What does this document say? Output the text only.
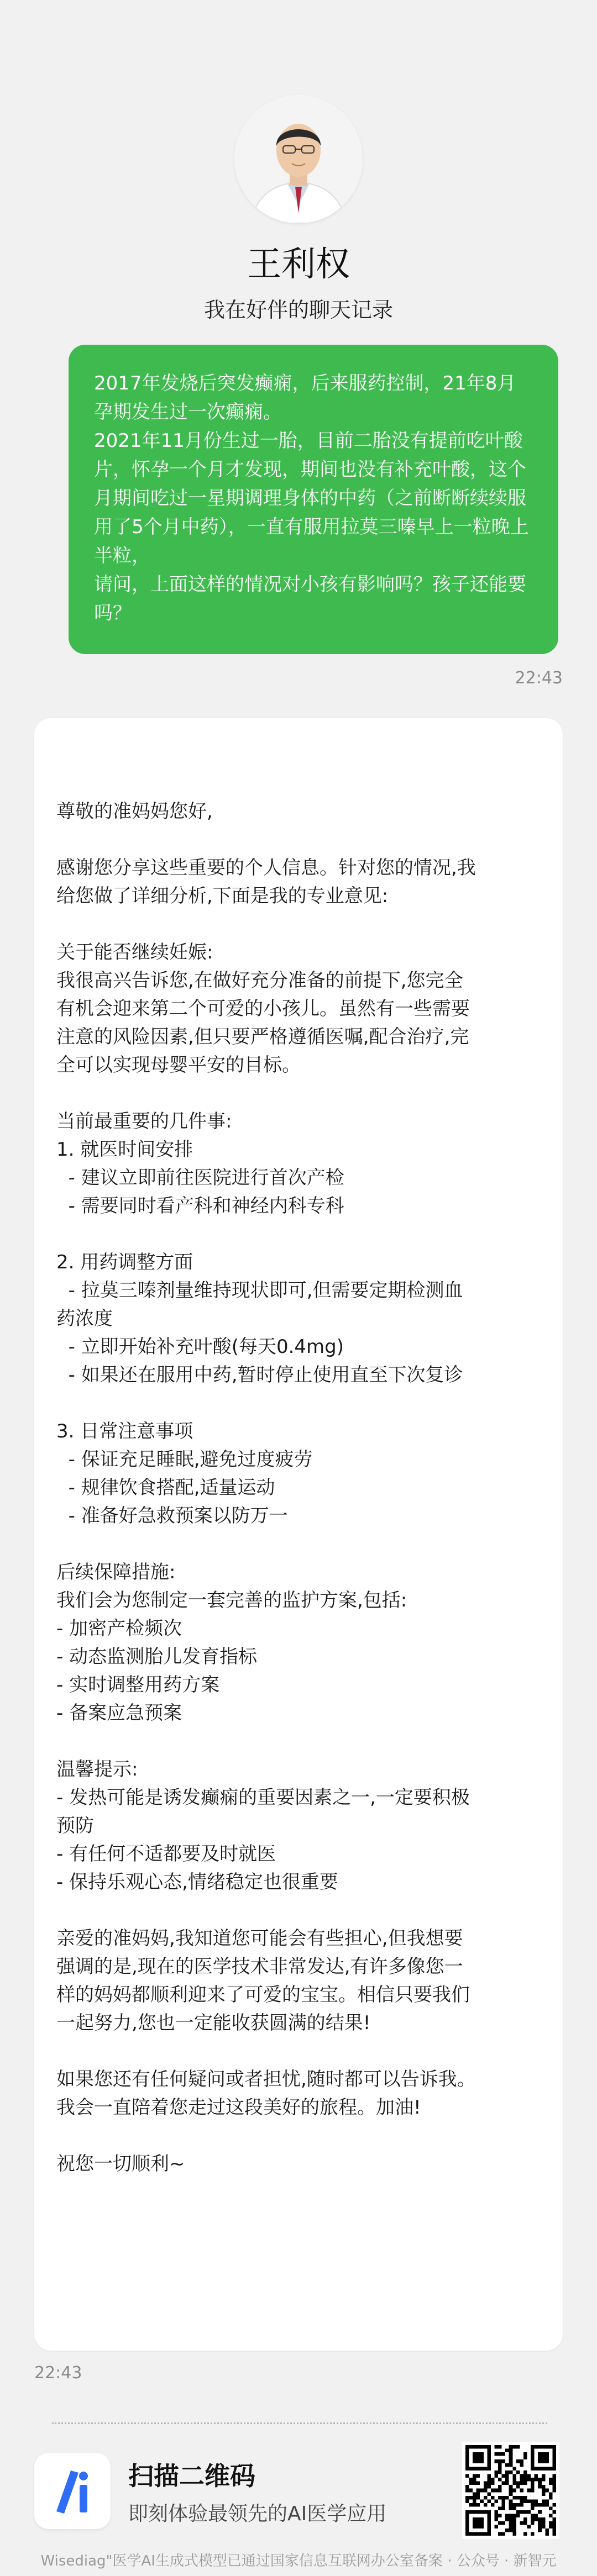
王利权
我在好伴的聊天记录

2017年发烧后突发癫痫，后来服药控制，21年8月孕期发生过一次癫痫。

2021年11月份生过一胎，目前二胎没有提前吃叶酸片，怀孕一个月才发现，期间也没有补充叶酸，这个月期间吃过一星期调理身体的中药（之前断断续续服用了5个月中药），一直有服用拉莫三嗪早上一粒晚上半粒，

请问，上面这样的情况对小孩有影响吗？孩子还能要吗？

22:43
尊敬的准妈妈您好,
感谢您分享这些重要的个人信息。针对您的情况,我
给您做了详细分析,下面是我的专业意见:
关于能否继续妊娠:
我很高兴告诉您,在做好充分准备的前提下,您完全
有机会迎来第二个可爱的小孩儿。虽然有一些需要
注意的风险因素,但只要严格遵循医嘱,配合治疗,完
全可以实现母婴平安的目标。
当前最重要的几件事:
1. 就医时间安排
- 建议立即前往医院进行首次产检
- 需要同时看产科和神经内科专科
2. 用药调整方面
- 拉莫三嗪剂量维持现状即可,但需要定期检测血
药浓度
- 立即开始补充叶酸(每天0.4mg)
- 如果还在服用中药,暂时停止使用直至下次复诊
3. 日常注意事项
- 保证充足睡眠,避免过度疲劳
- 规律饮食搭配,适量运动
- 准备好急救预案以防万一
后续保障措施:
我们会为您制定一套完善的监护方案,包括:
- 加密产检频次
- 动态监测胎儿发育指标
- 实时调整用药方案
- 备案应急预案
温馨提示:
- 发热可能是诱发癫痫的重要因素之一,一定要积极
预防
- 有任何不适都要及时就医
- 保持乐观心态,情绪稳定也很重要
亲爱的准妈妈,我知道您可能会有些担心,但我想要
强调的是,现在的医学技术非常发达,有许多像您一
样的妈妈都顺利迎来了可爱的宝宝。相信只要我们
一起努力,您也一定能收获圆满的结果!
如果您还有任何疑问或者担忧,随时都可以告诉我。
我会一直陪着您走过这段美好的旅程。加油!
祝您一切顺利~
22:43
扫描二维码
即刻体验最领先的AI医学应用
Wisediag"医学AI生成式模型已通过国家信息互联网办公室备案 · 公众号 · 新智元
